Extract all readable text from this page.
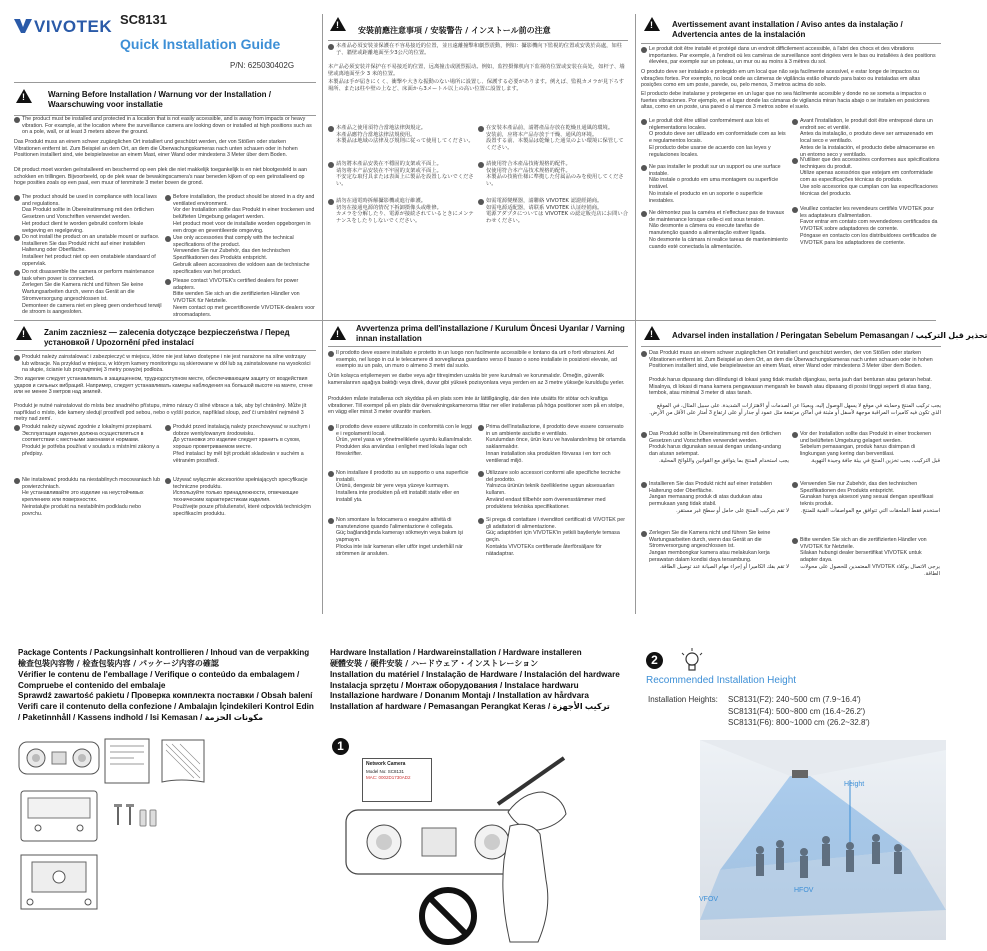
VIVOTEK SC8131
Quick Installation Guide
P/N: 625030402G
!
Warning Before Installation / Warnung vor der Installation / Waarschuwing voor installatie
The product must be installed and protected in a location that is not easily accessible, and is away from impacts or heavy vibration. For example, at the location where the surveillance camera are looking down or installed at high positions such as on a pole, wall, or at least 3 meters above the ground.
Das Produkt muss an einem schwer zugänglichen Ort installiert und geschützt werden, der von Stößen oder starken Vibrationen entfernt ist. Zum Beispiel an dem Ort, an dem die Überwachungskameras nach unten schauen oder in hohen Positionen installiert sind, wie beispielsweise an einem Mast, einer Wand oder mindestens 3 Meter über dem Boden.
Dit product moet worden geïnstalleerd en beschermd op een plek die niet makkelijk toegankelijk is en niet blootgesteld is aan schokken en trillingen. Bijvoorbeeld, op de plek waar de bewakingscamera's naar beneden kijken of op een geïnstalleerd op hoge posities zoals op een paal, een muur of tenminste 3 meter boven de grond.
The product should be used in compliance with local laws and regulations.
Das Produkt sollte in Übereinstimmung mit den örtlichen Gesetzen und Vorschriften verwendet werden.
Het product dient te worden gebruikt conform lokale wetgeving en regelgeving.
Do not install the product on an unstable mount or surface.
Installieren Sie das Produkt nicht auf einer instabilen Halterung oder Oberfläche.
Installeer het product niet op een onstabiele standaard of oppervlak.
Do not disassemble the camera or perform maintenance task when power is connected.
Zerlegen Sie die Kamera nicht und führen Sie keine Wartungsarbeiten durch, wenn das Gerät an die Stromversorgung angeschlossen ist.
Demonteer de camera niet en pleeg geen onderhoud terwijl de stroom is aangesloten.
Before installation, the product should be stored in a dry and ventilated environment.
Vor der Installation sollte das Produkt in einer trockenen und belüfteten Umgebung gelagert werden.
Het product moet voor de installatie worden opgeborgen in een droge en geventileerde omgeving.
Use only accessories that comply with the technical specifications of the product.
Verwenden Sie nur Zubehör, das den technischen Spezifikationen des Produkts entspricht.
Gebruik alleen accessoires die voldoen aan de technische specificaties van het product.
Please contact VIVOTEK's certified dealers for power adapters.
Bitte wenden Sie sich an die zertifizierten Händler von VIVOTEK für Netzteile.
Neem contact op met gecertificeerde VIVOTEK-dealers voor stroomadapters.
!
安裝前應注意事項 / 安装警告 / インストール前の注意
本產品必須安裝並保護在不容易接近的位置，並且遠離撞擊和劇烈震動，例如：攝影機向下監視的位置或安裝於高處，如柱子、牆壁或距離地面至少3公尺的位置。
本产品必须安装并保护在不易接近的位置，远离撞击或剧烈振动。例如，监控摄像机向下监视的位置或安装在高处，如杆子、墙壁或离地面至少 3 米的位置。
本製品は手が届きにくく、衝撃や大きな振動のない場所に設置し、保護する必要があります。例えば、監視カメラが見下ろす場所、または柱や壁の上など、床面から3メートル以上の高い位置に設置します。
本產品之使用須符合當地法律與規定。
本產品應符合當地法律法規使用。
本製品は地域の法律及び規則に従って使用してください。
請勿將本產品安裝在不穩固的支架或平面上。
请勿将本产品安装在不牢固的支架或平面上。
不安定な取付具または表面上に製品を設置しないでください。
請勿在通電時拆解攝影機或進行維護。
切勿在接通电源的情况下拆卸摄像头或维修。
カメラを分解したり、電源が接続されているときにメンテナンスをしたりしないでください。
在安裝本產品前，請將產品存放在乾燥且通風的環境。
安装前，应将本产品存放于干燥、通风的环境。
設置する前、本製品は乾燥した通気のよい環境に保管してください。
請使用符合本產品技術規格的配件。
仅使用符合本产品技术规格的配件。
本製品の技術仕様に準拠した付属品のみを使用してください。
如需電源變壓器，請聯絡 VIVOTEK 認證經銷商。
如需电源适配器，请联系 VIVOTEK 认证经销商。
電源アダプタについては VIVOTEK の認定販売店にお問い合わせください。
!
Avertissement avant installation / Aviso antes da instalação / Advertencia antes de la instalación
Le produit doit être installé et protégé dans un endroit difficilement accessible, à l'abri des chocs et des vibrations importantes. Par exemple, à l'endroit où les caméras de surveillance sont dirigées vers le bas ou installées à des positions élevées, par exemple sur un poteau, un mur ou au moins à 3 mètres du sol.
O produto deve ser instalado e protegido em um local que não seja facilmente acessível, e estar longe de impactos ou vibrações fortes. Por exemplo, no local onde as câmeras de vigilância estão olhando para baixo ou instaladas em altas posições como em um poste, parede, ou, pelo menos, 3 metros acima do solo.
El producto debe instalarse y protegerse en un lugar que no sea fácilmente accesible y donde no se someta a impactos o fuertes vibraciones. Por ejemplo, en el lugar donde las cámaras de vigilancia miran hacia abajo o se instalen en posiciones altas, como en un poste, una pared o al menos 3 metros sobre el suelo.
Le produit doit être utilisé conformément aux lois et réglementations locales.
O produto deve ser utilizado em conformidade com as leis e regulamentos locais.
El producto debe usarse de acuerdo con las leyes y regulaciones locales.
Ne pas installer le produit sur un support ou une surface instable.
Não instale o produto em uma montagem ou superfície instável.
No instale el producto en un soporte o superficie inestables.
Ne démontez pas la caméra et n'effectuez pas de travaux de maintenance lorsque celle-ci est sous tension.
Não desmonte a câmera ou execute tarefas de manutenção quando a alimentação estiver ligada.
No desmonte la cámara ni realice tareas de mantenimiento cuando esté conectada la alimentación.
Avant l'installation, le produit doit être entreposé dans un endroit sec et ventilé.
Antes da instalação, o produto deve ser armazenado em local seco e ventilado.
Antes de la instalación, el producto debe almacenarse en un entorno seco y ventilado.
N'utiliser que des accessoires conformes aux spécifications techniques du produit.
Utilize apenas acessórios que estejam em conformidade com as especificações técnicas do produto.
Use solo accesorios que cumplan con las especificaciones técnicas del producto.
Veuillez contacter les revendeurs certifiés VIVOTEK pour les adaptateurs d'alimentation.
Favor entrar em contato com revendedores certificados da VIVOTEK sobre adaptadores de corrente.
Póngase en contacto con los distribuidores certificados de VIVOTEK para los adaptadores de corriente.
!
Zanim zaczniesz — zalecenia dotyczące bezpieczeństwa / Перед установкой / Upozornění před instalací
Produkt należy zainstalować i zabezpieczyć w miejscu, które nie jest łatwo dostępne i nie jest narażone na silne wstrząsy lub wibracje. Na przykład w miejscu, w którym kamery monitoringu są skierowane w dół lub są zainstalowane na wysokości na słupie, ścianie lub przynajmniej 3 metry powyżej podłoża.
Это изделие следует устанавливать в защищенном, труднодоступном месте, обеспечивающем защиту от воздействия ударов и сильных вибраций. Например, следует устанавливать камеры наблюдения на большой высоте на мачте, стене или не менее 3 метров над землей.
Produkt je nutné nainstalovat do místa bez snadného přístupu, mimo nárazy či silné vibrace a tak, aby byl chráněný. Může jít například o místo, kde kamery sledují prostředí pod sebou, nebo o vyšší pozice, například sloup, zeď či umístění nejméně 3 metry nad zemí.
Produkt należy używać zgodnie z lokalnymi przepisami.
Эксплуатация изделия должна осуществляться в соответствии с местными законами и нормами.
Produkt je potřeba používat v souladu s místními zákony a předpisy.
Nie instalować produktu na niestabilnych mocowaniach lub powierzchniach.
Не устанавливайте это изделие на неустойчивых креплениях или поверхностях.
Neinstalujte produkt na nestabilním podkladu nebo povrchu.
Produkt przed instalacją należy przechowywać w suchym i dobrze wentylowanym środowisku.
До установки это изделие следует хранить в сухом, хорошо проветриваемом месте.
Před instalací by měl být produkt skladován v suchém a větraném prostředí.
Używać wyłącznie akcesoriów spełniających specyfikacje techniczne produktu.
Используйте только принадлежности, отвечающие техническим характеристикам изделия.
Používejte pouze příslušenství, které odpovídá technickým specifikacím produktu.
!
Avvertenza prima dell'installazione / Kurulum Öncesi Uyarılar / Varning innan installation
Il prodotto deve essere installato e protetto in un luogo non facilmente accessibile e lontano da urti o forti vibrazioni. Ad esempio, nel luogo in cui le telecamere di sorveglianza guardano verso il basso o sono installate in posizioni elevate, ad esempio su un palo, un muro o almeno 3 metri dal suolo.
Ürün kolayca erişilemeyen ve darbe veya ağır titreşimden uzakta bir yere kurulmalı ve korunmalıdır. Örneğin, güvenlik kameralarının aşağıya baktığı veya direk, duvar gibi yüksek pozisyonlara veya yerden en az 3 metre yükseğe kurulduğu yerler.
Produkten måste installeras och skyddas på en plats som inte är lättillgänglig, där den inte utsätts för stötar och kraftiga vibrationer. Till exempel på en plats där övervakningskamerorna tittar ner eller installeras på höga positioner som på en stolpe, en vägg eller minst 3 meter ovanför marken.
Il prodotto deve essere utilizzato in conformità con le leggi e i regolamenti locali.
Ürün, yerel yasa ve yönetmeliklerle uyumlu kullanılmalıdır.
Produkten ska användas i enlighet med lokala lagar och föreskrifter.
Non installare il prodotto su un supporto o una superficie instabili.
Ürünü, dengesiz bir yere veya yüzeye kurmayın.
Installera inte produkten på ett instabilt stativ eller en instabil yta.
Non smontare la fotocamera o eseguire attività di manutenzione quando l'alimentazione è collegata.
Güç bağlandığında kamerayı sökmeyin veya bakım işi yapmayın.
Plocka inte isär kameran eller utför inget underhåll när strömmen är ansluten.
Prima dell'installazione, il prodotto deve essere conservato in un ambiente asciutto e ventilato.
Kurulumdan önce, ürün kuru ve havalandırılmış bir ortamda saklanmalıdır.
Innan installation ska produkten förvaras i en torr och ventilerad miljö.
Utilizzare solo accessori conformi alle specifiche tecniche del prodotto.
Yalnızca ürünün teknik özelliklerine uygun aksesuarları kullanın.
Använd endast tillbehör som överensstämmer med produktens tekniska specifikationer.
Si prega di contattare i rivenditori certificati di VIVOTEK per gli adattatori di alimentazione.
Güç adaptörleri için VIVOTEK'in yetkili bayileriyle temasa geçin.
Kontakta VIVOTEKs certifierade återförsäljare för nätadaptrar.
!
Advarsel inden installation / Peringatan Sebelum Pemasangan / تحذير قبل التركيب
Das Produkt muss an einem schwer zugänglichen Ort installiert und geschützt werden, der von Stößen oder starken Vibrationen entfernt ist. Zum Beispiel an dem Ort, an dem die Überwachungskameras nach unten schauen oder in hohen Positionen installiert sind, wie beispielsweise an einem Mast, einer Wand oder mindestens 3 Meter über dem Boden.
Produk harus dipasang dan dilindungi di lokasi yang tidak mudah dijangkau, serta jauh dari benturan atau getaran hebat. Misalnya, di lokasi di mana kamera pengawasan mengarah ke bawah atau dipasang di posisi tinggi seperti di atas tiang, tembok, atau minimal 3 meter di atas tanah.
يجب تركيب المنتج وحمايته في موقع لا يسهل الوصول إليه، وبعيدًا عن الصدمات أو الاهتزازات الشديدة. على سبيل المثال، في الموقع الذي تكون فيه كاميرات المراقبة موجهة لأسفل أو مثبتة في أماكن مرتفعة مثل عمود أو جدار أو على ارتفاع 3 أمتار على الأقل من الأرض.
Das Produkt sollte in Übereinstimmung mit den örtlichen Gesetzen und Vorschriften verwendet werden.
Produk harus digunakan sesuai dengan undang-undang dan aturan setempat.
يجب استخدام المنتج بما يتوافق مع القوانين واللوائح المحلية.
Installieren Sie das Produkt nicht auf einer instabilen Halterung oder Oberfläche.
Jangan memasang produk di atas dudukan atau permukaan yang tidak stabil.
لا تقم بتركيب المنتج على حامل أو سطح غير مستقر.
Zerlegen Sie die Kamera nicht und führen Sie keine Wartungsarbeiten durch, wenn das Gerät an die Stromversorgung angeschlossen ist.
Jangan membongkar kamera atau melakukan kerja perawatan dalam kondisi daya tersambung.
لا تقم بفك الكاميرا أو إجراء مهام الصيانة عند توصيل الطاقة.
Vor der Installation sollte das Produkt in einer trockenen und belüfteten Umgebung gelagert werden.
Sebelum pemasangan, produk harus disimpan di lingkungan yang kering dan berventilasi.
قبل التركيب، يجب تخزين المنتج في بيئة جافة وجيدة التهوية.
Verwenden Sie nur Zubehör, das den technischen Spezifikationen des Produkts entspricht.
Gunakan hanya aksesori yang sesuai dengan spesifikasi teknis produk.
استخدم فقط الملحقات التي تتوافق مع المواصفات الفنية للمنتج.
Bitte wenden Sie sich an die zertifizierten Händler von VIVOTEK für Netzteile.
Silakan hubungi dealer bersertifikat VIVOTEK untuk adapter daya.
يرجى الاتصال بوكلاء VIVOTEK المعتمدين للحصول على محولات الطاقة.
Package Contents / Packungsinhalt kontrollieren / Inhoud van de verpakking
檢查包裝內容物 / 检查包装内容 / パッケージ内容の確認
Vérifier le contenu de l'emballage / Verifique o conteúdo da embalagem / Compruebe el contenido del embalaje
Sprawdź zawartość pakietu / Проверка комплекта поставки / Obsah balení
Verifi care il contenuto della confezione / Ambalajın İçindekileri Kontrol Edin / Paketinnhåll / Kassens indhold / Isi Kemasan / مكونات الحزمة
Hardware Installation / Hardwareinstallation / Hardware installeren
硬體安裝 / 硬件安装 / ハードウェア・インストレーション
Installation du matériel / Instalação de Hardware / Instalación del hardware
Instalacja sprzętu / Монтаж оборудования / Instalace hardwaru
Installazione hardware / Donanım Montajı / Installation av hårdvara
Installation af hardware / Pemasangan Perangkat Keras / تركيب الأجهزة
1
Network Camera
Model No: SC8131
MAC: 0002D1730AD2
2
Recommended Installation Height
Installation Heights:	SC8131(F2): 240~500 cm (7.9~16.4')
SC8131(F4): 500~800 cm (16.4~26.2')
SC8131(F6): 800~1000 cm (26.2~32.8')
Height
VFOV
HFOV
